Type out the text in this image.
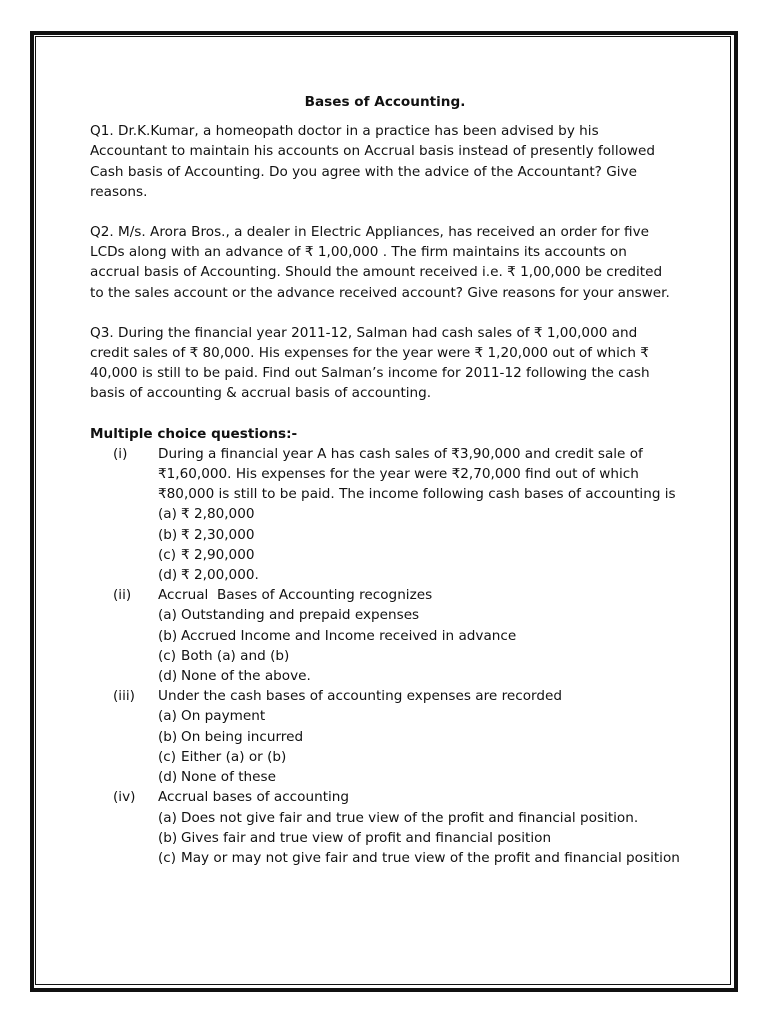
Bases of Accounting.

Q1. Dr.K.Kumar, a homeopath doctor in a practice has been advised by his Accountant to maintain his accounts on Accrual basis instead of presently followed Cash basis of Accounting. Do you agree with the advice of the Accountant? Give reasons.

Q2. M/s. Arora Bros., a dealer in Electric Appliances, has received an order for five LCDs along with an advance of ₹ 1,00,000 . The firm maintains its accounts on accrual basis of Accounting. Should the amount received i.e. ₹ 1,00,000 be credited to the sales account or the advance received account? Give reasons for your answer.

Q3. During the financial year 2011-12, Salman had cash sales of ₹ 1,00,000 and credit sales of ₹ 80,000. His expenses for the year were ₹ 1,20,000 out of which ₹ 40,000 is still to be paid. Find out Salman’s income for 2011-12 following the cash basis of accounting & accrual basis of accounting.

Multiple choice questions:-

(i)	During a financial year A has cash sales of ₹3,90,000 and credit sale of ₹1,60,000. His expenses for the year were ₹2,70,000 find out of which ₹80,000 is still to be paid. The income following cash bases of accounting is
(a) ₹ 2,80,000
(b) ₹ 2,30,000
(c) ₹ 2,90,000
(d) ₹ 2,00,000.
(ii)	Accrual  Bases of Accounting recognizes
(a) Outstanding and prepaid expenses
(b) Accrued Income and Income received in advance
(c) Both (a) and (b)
(d) None of the above.
(iii)	Under the cash bases of accounting expenses are recorded
(a) On payment
(b) On being incurred
(c) Either (a) or (b)
(d) None of these
(iv)	Accrual bases of accounting
(a) Does not give fair and true view of the profit and financial position.
(b) Gives fair and true view of profit and financial position
(c) May or may not give fair and true view of the profit and financial position
